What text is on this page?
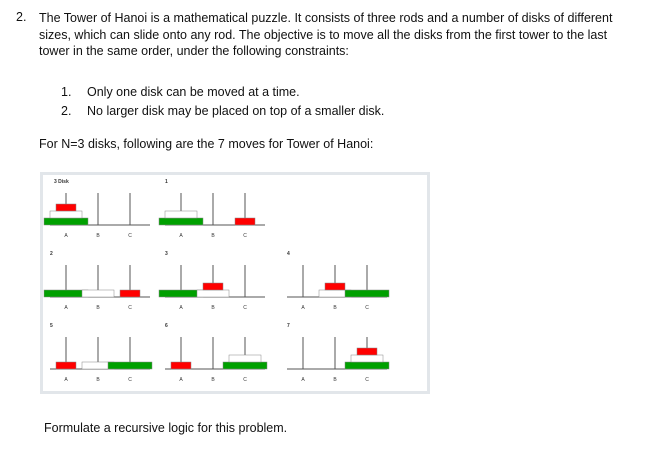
2. The Tower of Hanoi is a mathematical puzzle. It consists of three rods and a number of disks of different sizes, which can slide onto any rod. The objective is to move all the disks from the first tower to the last tower in the same order, under the following constraints:

1.	Only one disk can be moved at a time.
2.	No larger disk may be placed on top of a smaller disk.

For N=3 disks, following are the 7 moves for Tower of Hanoi:

3 Disk
A	B	C
1
A	B	C
2
A	B	C
3
A	B	C
4
A	B	C
5
A	B	C
6
A	B	C
7
A	B	C

Formulate a recursive logic for this problem.
